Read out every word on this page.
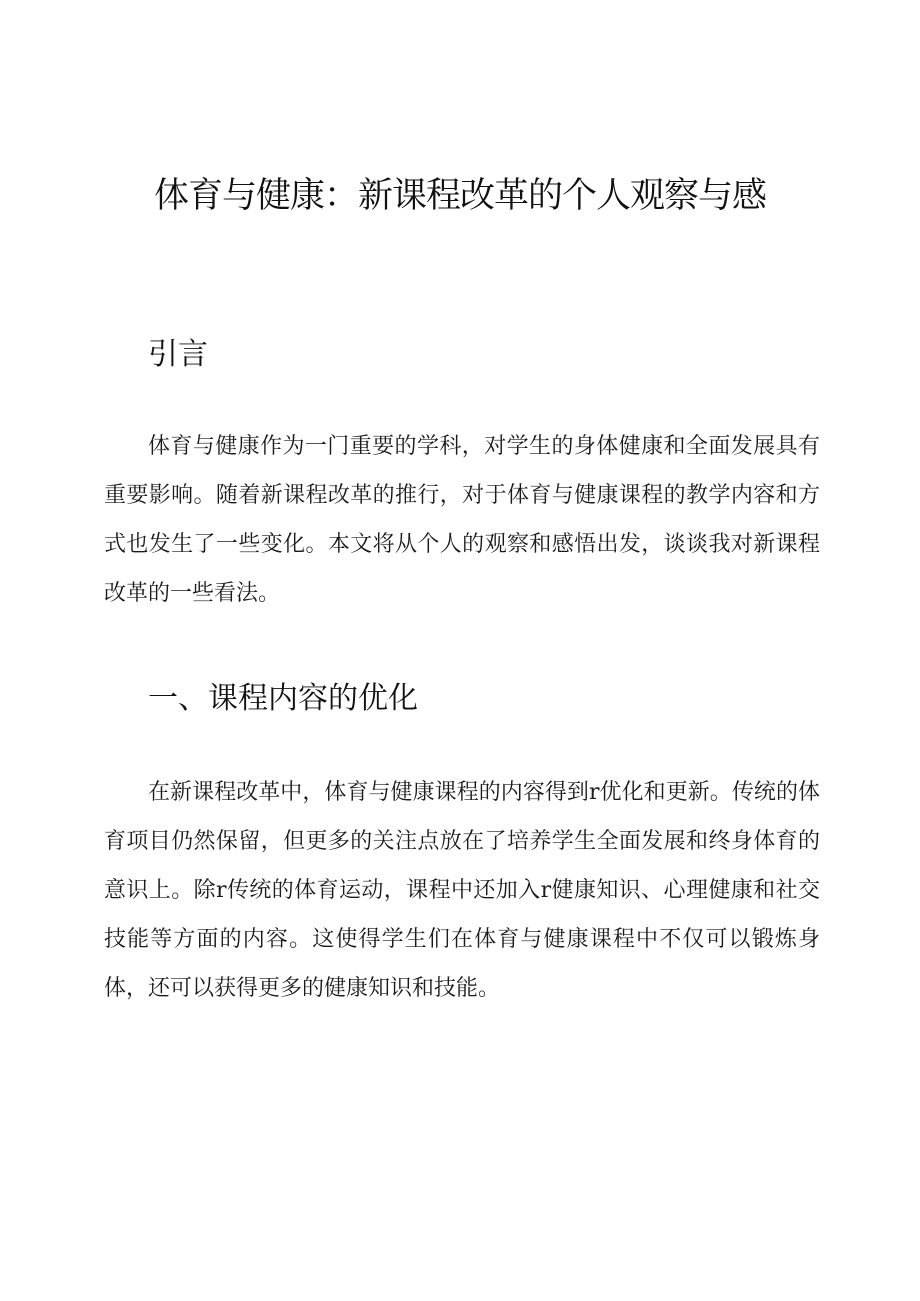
体育与健康：新课程改革的个人观察与感
引言

体育与健康作为一门重要的学科，对学生的身体健康和全面发展具有重要影响。随着新课程改革的推行，对于体育与健康课程的教学内容和方式也发生了一些变化。本文将从个人的观察和感悟出发，谈谈我对新课程改革的一些看法。

一、课程内容的优化

在新课程改革中，体育与健康课程的内容得到r优化和更新。传统的体育项目仍然保留，但更多的关注点放在了培养学生全面发展和终身体育的意识上。除r传统的体育运动，课程中还加入r健康知识、心理健康和社交技能等方面的内容。这使得学生们在体育与健康课程中不仅可以锻炼身体，还可以获得更多的健康知识和技能。
